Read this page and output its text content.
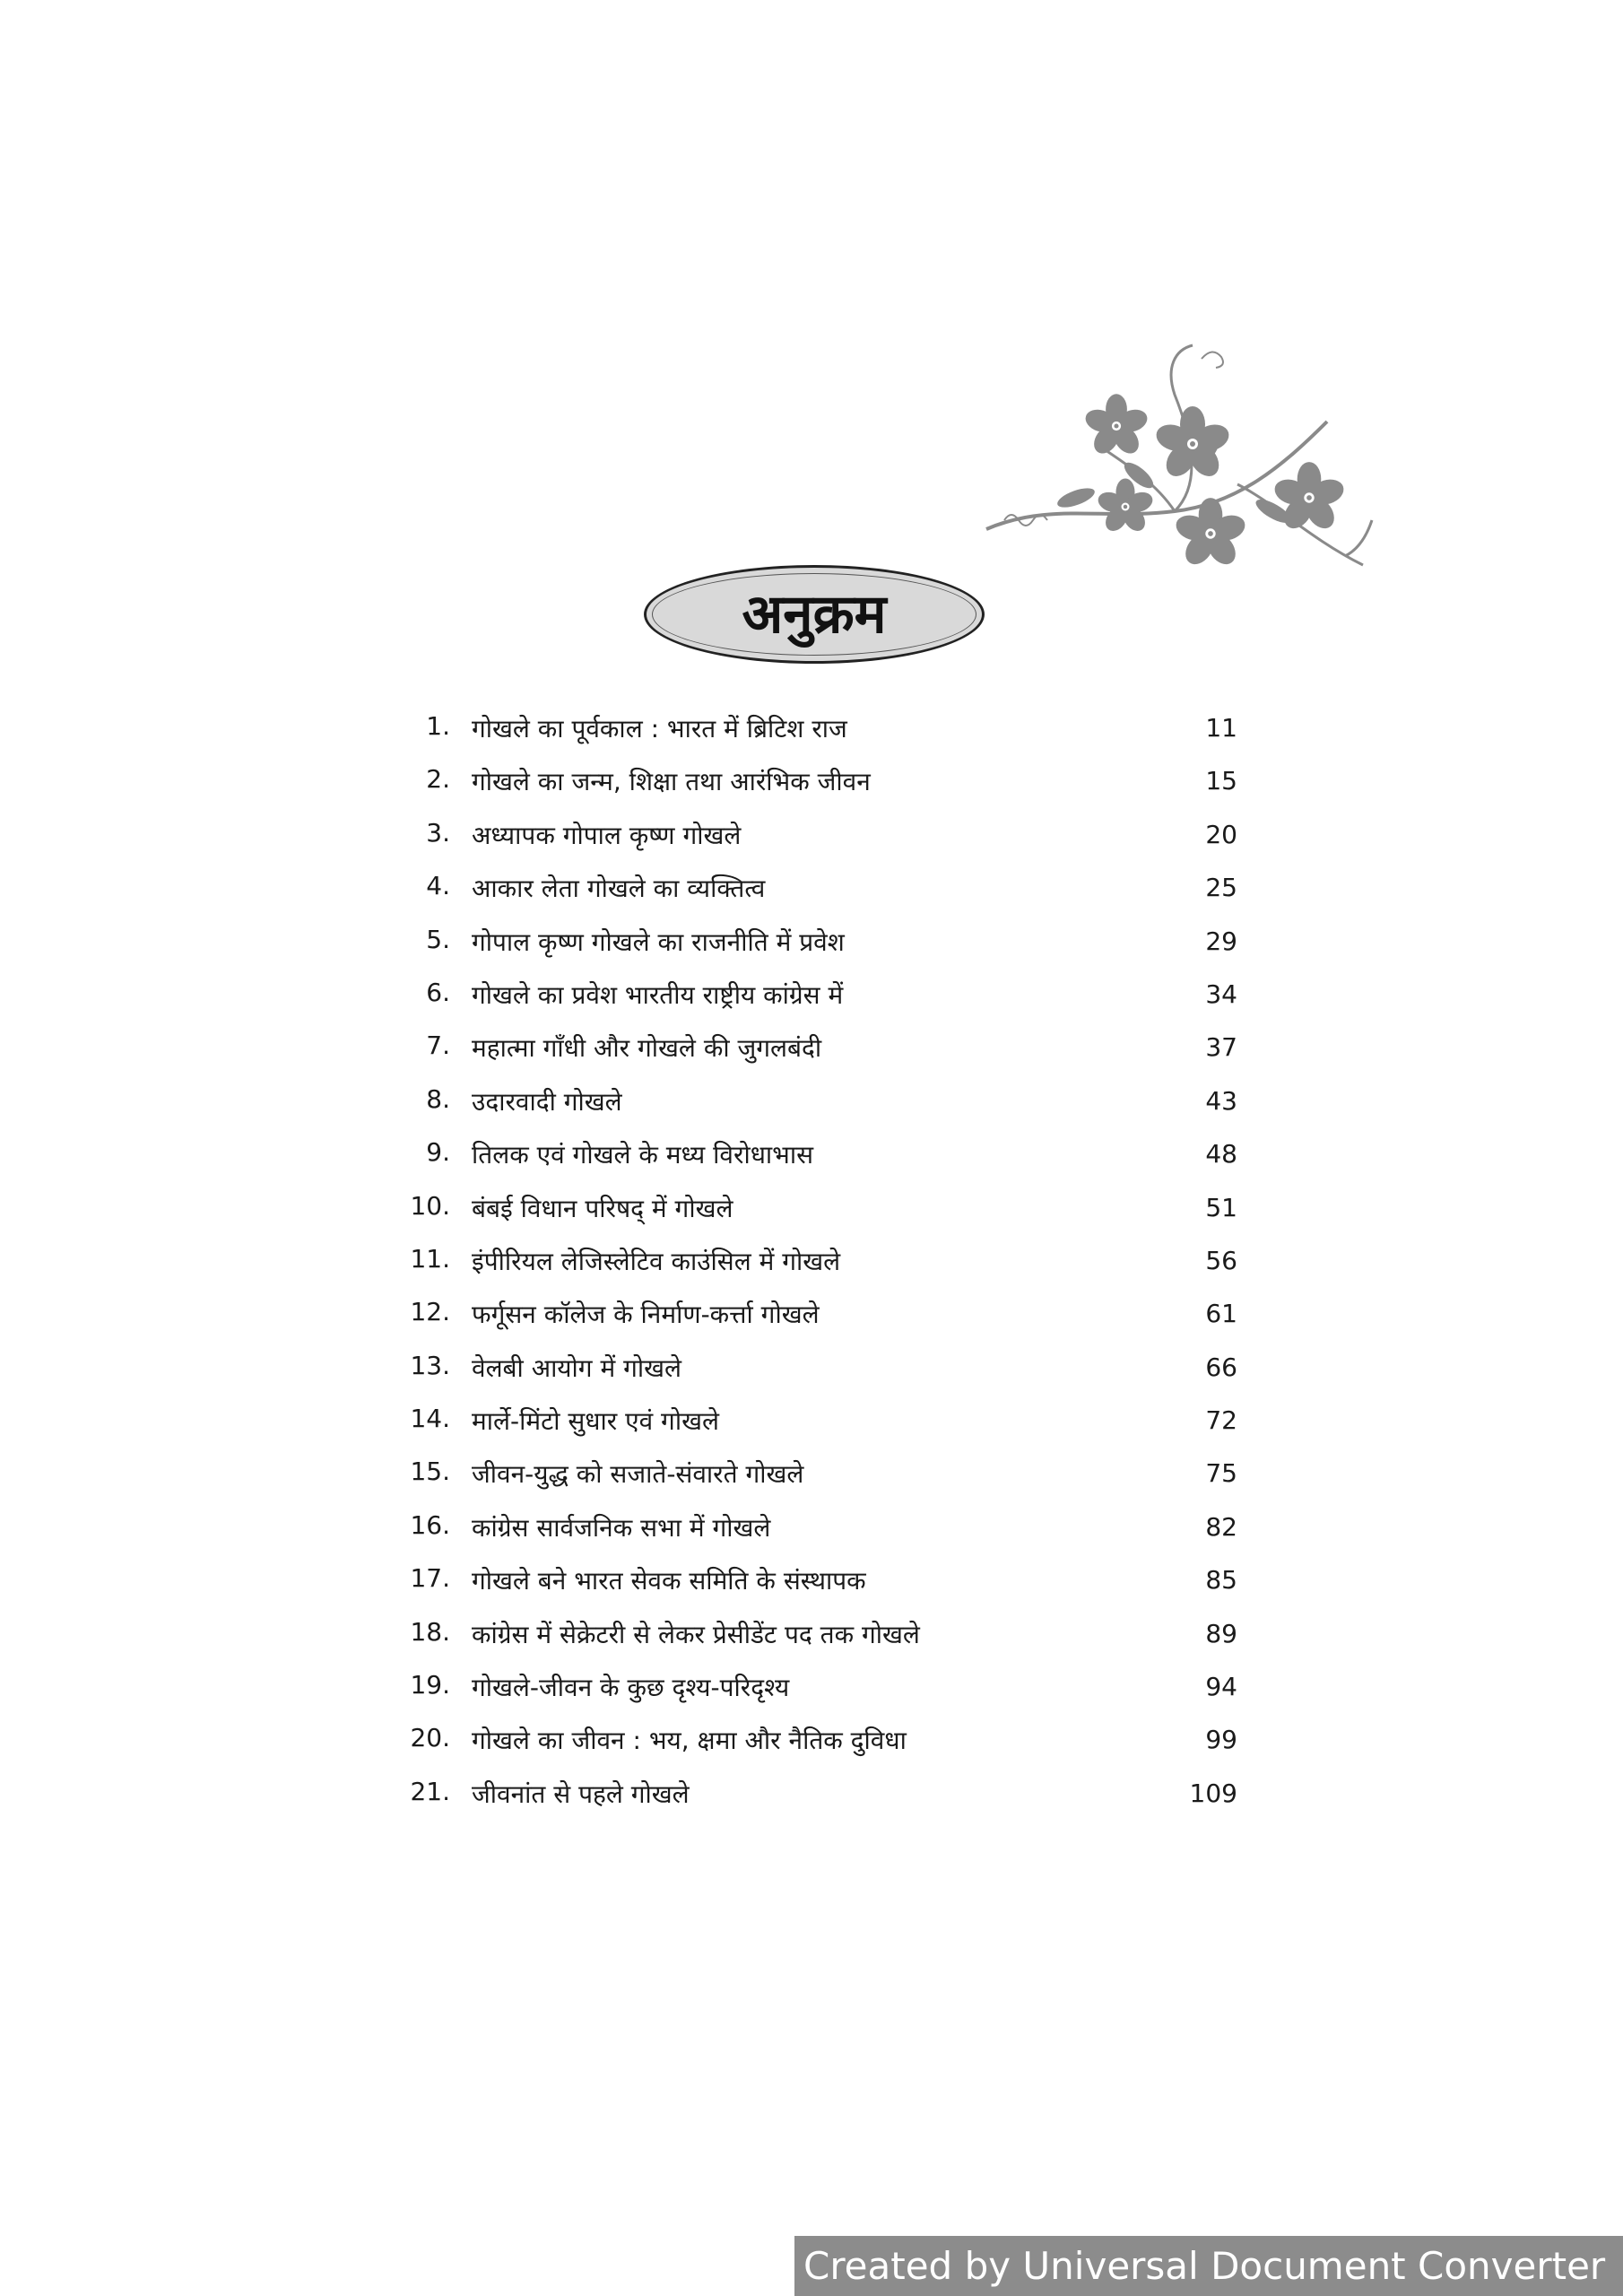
अनुक्रम
1. गोखले का पूर्वकाल : भारत में ब्रिटिश राज	11
2. गोखले का जन्म, शिक्षा तथा आरंभिक जीवन	15
3. अध्यापक गोपाल कृष्ण गोखले	20
4. आकार लेता गोखले का व्यक्तित्व	25
5. गोपाल कृष्ण गोखले का राजनीति में प्रवेश	29
6. गोखले का प्रवेश भारतीय राष्ट्रीय कांग्रेस में	34
7. महात्मा गाँधी और गोखले की जुगलबंदी	37
8. उदारवादी गोखले	43
9. तिलक एवं गोखले के मध्य विरोधाभास	48
10. बंबई विधान परिषद् में गोखले	51
11. इंपीरियल लेजिस्लेटिव काउंसिल में गोखले	56
12. फर्गूसन कॉलेज के निर्माण-कर्त्ता गोखले	61
13. वेलबी आयोग में गोखले	66
14. मार्ले-मिंटो सुधार एवं गोखले	72
15. जीवन-युद्ध को सजाते-संवारते गोखले	75
16. कांग्रेस सार्वजनिक सभा में गोखले	82
17. गोखले बने भारत सेवक समिति के संस्थापक	85
18. कांग्रेस में सेक्रेटरी से लेकर प्रेसीडेंट पद तक गोखले	89
19. गोखले-जीवन के कुछ दृश्य-परिदृश्य	94
20. गोखले का जीवन : भय, क्षमा और नैतिक दुविधा	99
21. जीवनांत से पहले गोखले	109
Created by Universal Document Converter
